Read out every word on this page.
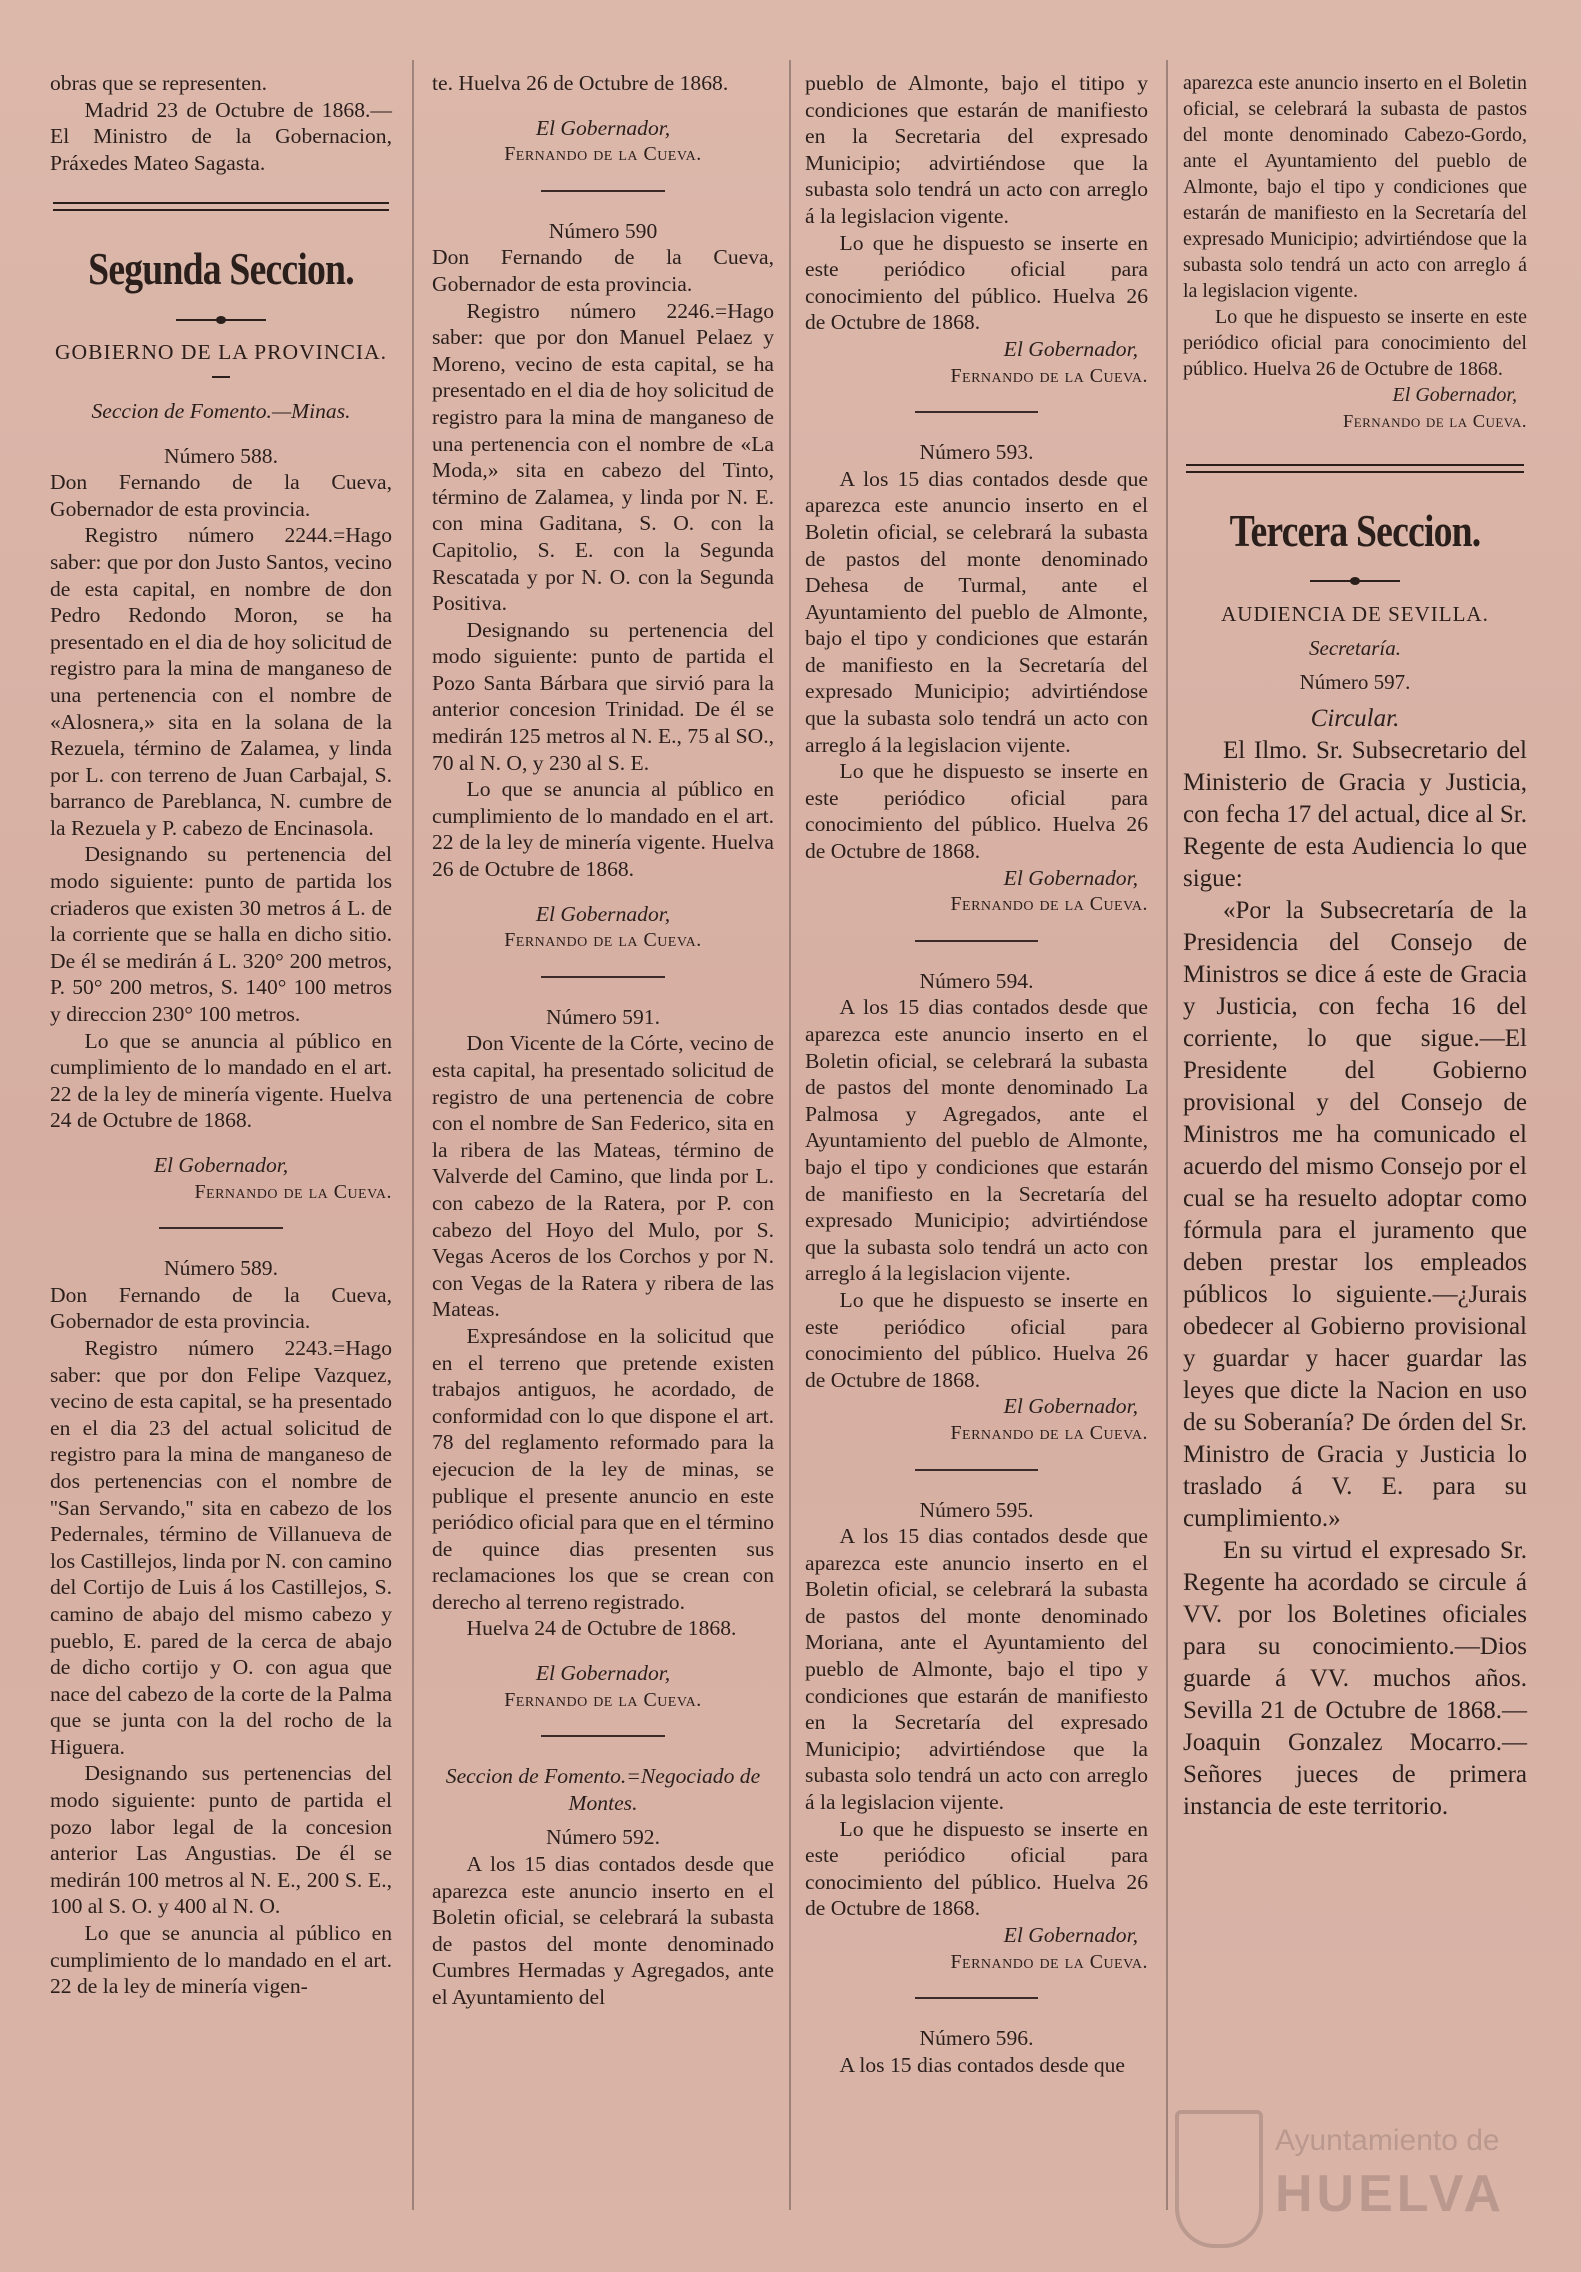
obras que se representen.

Madrid 23 de Octubre de 1868.—El Ministro de la Gobernacion, Práxedes Mateo Sagasta.

Segunda Seccion.

GOBIERNO DE LA PROVINCIA.

Seccion de Fomento.—Minas.

Número 588.

Don Fernando de la Cueva, Gobernador de esta provincia.

Registro número 2244.=Hago saber: que por don Justo Santos, vecino de esta capital, en nombre de don Pedro Redondo Moron, se ha presentado en el dia de hoy solicitud de registro para la mina de manganeso de una pertenencia con el nombre de «Alosnera,» sita en la solana de la Rezuela, término de Zalamea, y linda por L. con terreno de Juan Carbajal, S. barranco de Pareblanca, N. cumbre de la Rezuela y P. cabezo de Encinasola.

Designando su pertenencia del modo siguiente: punto de partida los criaderos que existen 30 metros á L. de la corriente que se halla en dicho sitio. De él se medirán á L. 320° 200 metros, P. 50° 200 metros, S. 140° 100 metros y direccion 230° 100 metros.

Lo que se anuncia al público en cumplimiento de lo mandado en el art. 22 de la ley de minería vigente. Huelva 24 de Octubre de 1868.

El Gobernador,

Fernando de la Cueva.

Número 589.

Don Fernando de la Cueva, Gobernador de esta provincia.

Registro número 2243.=Hago saber: que por don Felipe Vazquez, vecino de esta capital, se ha presentado en el dia 23 del actual solicitud de registro para la mina de manganeso de dos pertenencias con el nombre de ''San Servando,'' sita en cabezo de los Pedernales, término de Villanueva de los Castillejos, linda por N. con camino del Cortijo de Luis á los Castillejos, S. camino de abajo del mismo cabezo y pueblo, E. pared de la cerca de abajo de dicho cortijo y O. con agua que nace del cabezo de la corte de la Palma que se junta con la del rocho de la Higuera.

Designando sus pertenencias del modo siguiente: punto de partida el pozo labor legal de la concesion anterior Las Angustias. De él se medirán 100 metros al N. E., 200 S. E., 100 al S. O. y 400 al N. O.

Lo que se anuncia al público en cumplimiento de lo mandado en el art. 22 de la ley de minería vigen-

te. Huelva 26 de Octubre de 1868.

El Gobernador,

Fernando de la Cueva.

Número 590

Don Fernando de la Cueva, Gobernador de esta provincia.

Registro número 2246.=Hago saber: que por don Manuel Pelaez y Moreno, vecino de esta capital, se ha presentado en el dia de hoy solicitud de registro para la mina de manganeso de una pertenencia con el nombre de «La Moda,» sita en cabezo del Tinto, término de Zalamea, y linda por N. E. con mina Gaditana, S. O. con la Capitolio, S. E. con la Segunda Rescatada y por N. O. con la Segunda Positiva.

Designando su pertenencia del modo siguiente: punto de partida el Pozo Santa Bárbara que sirvió para la anterior concesion Trinidad. De él se medirán 125 metros al N. E., 75 al SO., 70 al N. O, y 230 al S. E.

Lo que se anuncia al público en cumplimiento de lo mandado en el art. 22 de la ley de minería vigente. Huelva 26 de Octubre de 1868.

El Gobernador,

Fernando de la Cueva.

Número 591.

Don Vicente de la Córte, vecino de esta capital, ha presentado solicitud de registro de una pertenencia de cobre con el nombre de San Federico, sita en la ribera de las Mateas, término de Valverde del Camino, que linda por L. con cabezo de la Ratera, por P. con cabezo del Hoyo del Mulo, por S. Vegas Aceros de los Corchos y por N. con Vegas de la Ratera y ribera de las Mateas.

Expresándose en la solicitud que en el terreno que pretende existen trabajos antiguos, he acordado, de conformidad con lo que dispone el art. 78 del reglamento reformado para la ejecucion de la ley de minas, se publique el presente anuncio en este periódico oficial para que en el término de quince dias presenten sus reclamaciones los que se crean con derecho al terreno registrado.

Huelva 24 de Octubre de 1868.

El Gobernador,

Fernando de la Cueva.

Seccion de Fomento.=Negociado de Montes.

Número 592.

A los 15 dias contados desde que aparezca este anuncio inserto en el Boletin oficial, se celebrará la subasta de pastos del monte denominado Cumbres Hermadas y Agregados, ante el Ayuntamiento del

pueblo de Almonte, bajo el titipo y condiciones que estarán de manifiesto en la Secretaria del expresado Municipio; advirtiéndose que la subasta solo tendrá un acto con arreglo á la legislacion vigente.

Lo que he dispuesto se inserte en este periódico oficial para conocimiento del público. Huelva 26 de Octubre de 1868.

El Gobernador,

Fernando de la Cueva.

Número 593.

A los 15 dias contados desde que aparezca este anuncio inserto en el Boletin oficial, se celebrará la subasta de pastos del monte denominado Dehesa de Turmal, ante el Ayuntamiento del pueblo de Almonte, bajo el tipo y condiciones que estarán de manifiesto en la Secretaría del expresado Municipio; advirtiéndose que la subasta solo tendrá un acto con arreglo á la legislacion vijente.

Lo que he dispuesto se inserte en este periódico oficial para conocimiento del público. Huelva 26 de Octubre de 1868.

El Gobernador,

Fernando de la Cueva.

Número 594.

A los 15 dias contados desde que aparezca este anuncio inserto en el Boletin oficial, se celebrará la subasta de pastos del monte denominado La Palmosa y Agregados, ante el Ayuntamiento del pueblo de Almonte, bajo el tipo y condiciones que estarán de manifiesto en la Secretaría del expresado Municipio; advirtiéndose que la subasta solo tendrá un acto con arreglo á la legislacion vijente.

Lo que he dispuesto se inserte en este periódico oficial para conocimiento del público. Huelva 26 de Octubre de 1868.

El Gobernador,

Fernando de la Cueva.

Número 595.

A los 15 dias contados desde que aparezca este anuncio inserto en el Boletin oficial, se celebrará la subasta de pastos del monte denominado Moriana, ante el Ayuntamiento del pueblo de Almonte, bajo el tipo y condiciones que estarán de manifiesto en la Secretaría del expresado Municipio; advirtiéndose que la subasta solo tendrá un acto con arreglo á la legislacion vijente.

Lo que he dispuesto se inserte en este periódico oficial para conocimiento del público. Huelva 26 de Octubre de 1868.

El Gobernador,

Fernando de la Cueva.

Número 596.

A los 15 dias contados desde que

aparezca este anuncio inserto en el Boletin oficial, se celebrará la subasta de pastos del monte denominado Cabezo-Gordo, ante el Ayuntamiento del pueblo de Almonte, bajo el tipo y condiciones que estarán de manifiesto en la Secretaría del expresado Municipio; advirtiéndose que la subasta solo tendrá un acto con arreglo á la legislacion vigente.

Lo que he dispuesto se inserte en este periódico oficial para conocimiento del público. Huelva 26 de Octubre de 1868.

El Gobernador,

Fernando de la Cueva.

Tercera Seccion.

AUDIENCIA DE SEVILLA.

Secretaría.

Número 597.

Circular.

El Ilmo. Sr. Subsecretario del Ministerio de Gracia y Justicia, con fecha 17 del actual, dice al Sr. Regente de esta Audiencia lo que sigue:

«Por la Subsecretaría de la Presidencia del Consejo de Ministros se dice á este de Gracia y Justicia, con fecha 16 del corriente, lo que sigue.—El Presidente del Gobierno provisional y del Consejo de Ministros me ha comunicado el acuerdo del mismo Consejo por el cual se ha resuelto adoptar como fórmula para el juramento que deben prestar los empleados públicos lo siguiente.—¿Jurais obedecer al Gobierno provisional y guardar y hacer guardar las leyes que dicte la Nacion en uso de su Soberanía? De órden del Sr. Ministro de Gracia y Justicia lo traslado á V. E. para su cumplimiento.»

En su virtud el expresado Sr. Regente ha acordado se circule á VV. por los Boletines oficiales para su conocimiento.—Dios guarde á VV. muchos años. Sevilla 21 de Octubre de 1868.—Joaquin Gonzalez Mocarro.—Señores jueces de primera instancia de este territorio.

Ayuntamiento de
HUELVA
